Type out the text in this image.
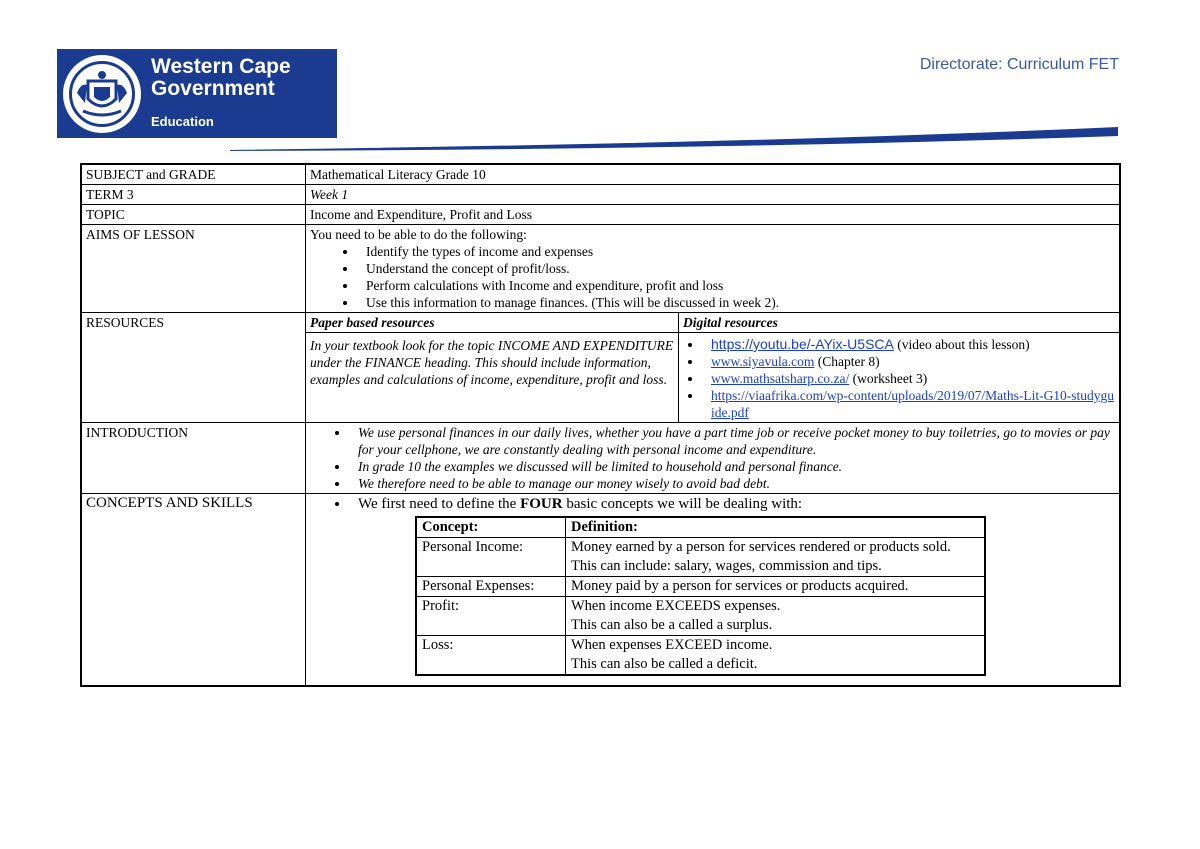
Western Cape
Government
Education
Directorate: Curriculum FET
SUBJECT and GRADE	Mathematical Literacy Grade 10
TERM 3	Week 1
TOPIC	Income and Expenditure, Profit and Loss
AIMS OF LESSON	You need to be able to do the following:
• Identify the types of income and expenses
• Understand the concept of profit/loss.
• Perform calculations with Income and expenditure, profit and loss
• Use this information to manage finances. (This will be discussed in week 2).

RESOURCES	Paper based resources	Digital resources
In your textbook look for the topic INCOME AND EXPENDITURE under the FINANCE heading. This should include information, examples and calculations of income, expenditure, profit and loss.	
• https://youtu.be/-AYix-U5SCA (video about this lesson)
• www.siyavula.com (Chapter 8)
• www.mathsatsharp.co.za/ (worksheet 3)
• https://viaafrika.com/wp-content/uploads/2019/07/Maths-Lit-G10-studyguide.pdf

INTRODUCTION	
•We use personal finances in our daily lives, whether you have a part time job or receive pocket money to buy toiletries, go to movies or pay for your cellphone, we are constantly dealing with personal income and expenditure.
• In grade 10 the examples we discussed will be limited to household and personal finance.
• We therefore need to be able to manage our money wisely to avoid bad debt.

CONCEPTS AND SKILLS	
•We first need to define the FOUR basic concepts we will be dealing with:
Concept:	Definition:
Personal Income:	Money earned by a person for services rendered or products sold. This can include: salary, wages, commission and tips.
Personal Expenses:	Money paid by a person for services or products acquired.
Profit:	When income EXCEEDS expenses.
This can also be a called a surplus.
Loss:	When expenses EXCEED income.
This can also be called a deficit.
